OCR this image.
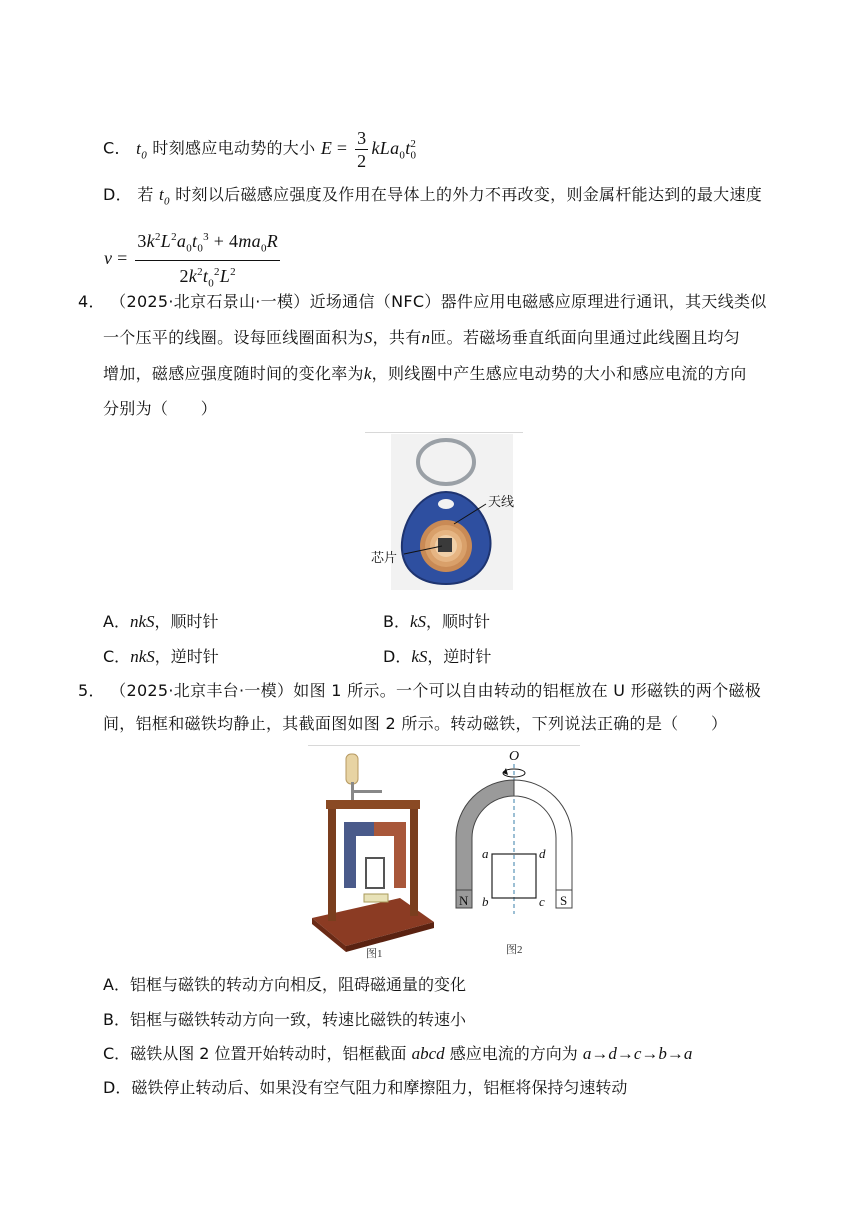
C． $t_0$ 时刻感应电动势的大小 $E = \frac{3}{2} kLa_0t_0^2$
D． 若 $t_0$ 时刻以后磁感应强度及作用在导体上的外力不再改变，则金属杆能达到的最大速度
$v = \frac{3k^2L^2a_0t_0^3 + 4ma_0R}{2k^2t_0^2L^2}$
4． （2025·北京石景山·一模）近场通信（NFC）器件应用电磁感应原理进行通讯，其天线类似
一个压平的线圈。设每匝线圈面积为S，共有n匝。若磁场垂直纸面向里通过此线圈且均匀
增加，磁感应强度随时间的变化率为k，则线圈中产生感应电动势的大小和感应电流的方向
分别为（　　）
天线
芯片
A．nkS，顺时针	B．kS，顺时针
C．nkS，逆时针	D．kS，逆时针
5． （2025·北京丰台·一模）如图 1 所示。一个可以自由转动的铝框放在 U 形磁铁的两个磁极
间，铝框和磁铁均静止，其截面图如图 2 所示。转动磁铁，下列说法正确的是（　　）
图1
O
N	S
a
b	c
d
图2
A．铝框与磁铁的转动方向相反，阻碍磁通量的变化
B．铝框与磁铁转动方向一致，转速比磁铁的转速小
C．磁铁从图 2 位置开始转动时，铝框截面 abcd 感应电流的方向为 a→d→c→b→a
D．磁铁停止转动后、如果没有空气阻力和摩擦阻力，铝框将保持匀速转动
